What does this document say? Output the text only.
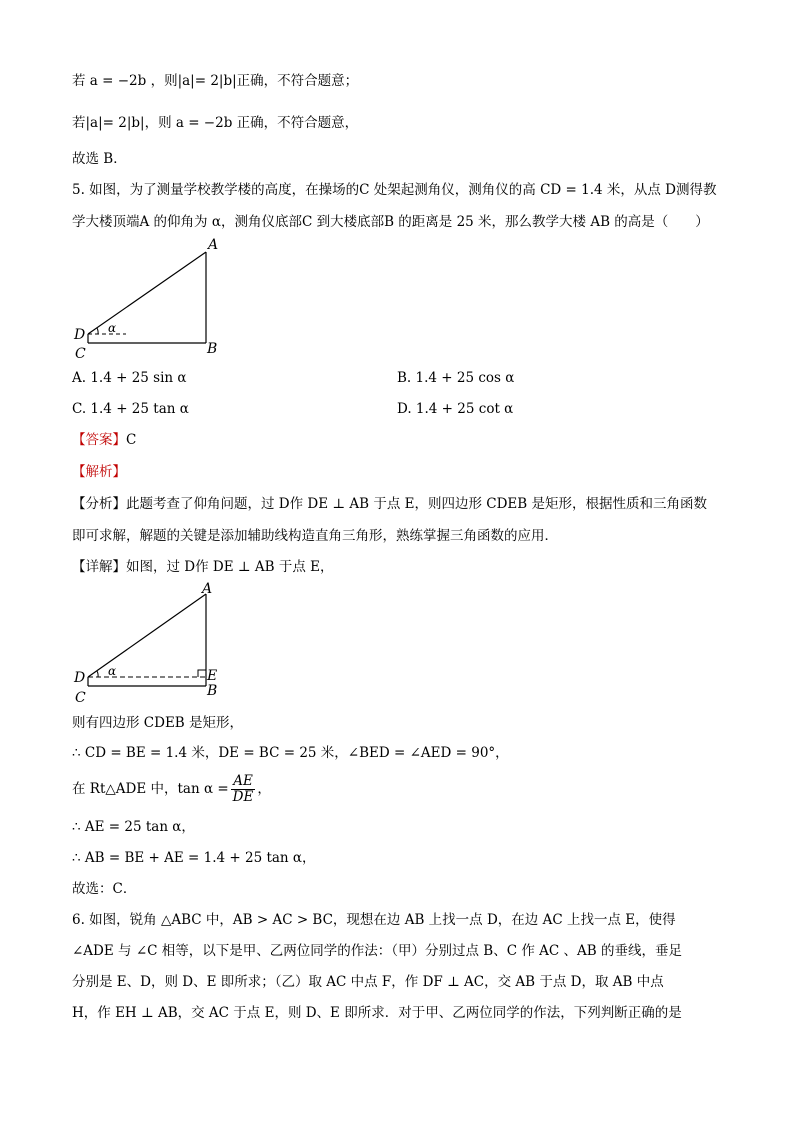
若 a = −2b ，则|a|= 2|b|正确，不符合题意；
若|a|= 2|b|，则 a = −2b 正确，不符合题意，
故选 B．
5. 如图，为了测量学校教学楼的高度，在操场的C 处架起测角仪，测角仪的高 CD = 1.4 米，从点 D测得教
学大楼顶端A 的仰角为 α，测角仪底部C 到大楼底部B 的距离是 25 米，那么教学大楼 AB 的高是（　　）
A
B
D
C
α
A. 1.4 + 25 sin α	B. 1.4 + 25 cos α
C. 1.4 + 25 tan α	D. 1.4 + 25 cot α
【答案】C
【解析】
【分析】此题考查了仰角问题，过 D作 DE ⊥ AB 于点 E，则四边形 CDEB 是矩形，根据性质和三角函数
即可求解，解题的关键是添加辅助线构造直角三角形，熟练掌握三角函数的应用．
【详解】如图，过 D作 DE ⊥ AB 于点 E，
A
E
B
D
C
α
则有四边形 CDEB 是矩形，
∴ CD = BE = 1.4 米，DE = BC = 25 米，∠BED = ∠AED = 90°，
在 Rt△ADE 中，$\tan \alpha = \frac{AE}{DE}$ ，
∴ AE = 25 tan α，
∴ AB = BE + AE = 1.4 + 25 tan α，
故选：C．
6. 如图，锐角 △ABC 中，AB > AC > BC，现想在边 AB 上找一点 D，在边 AC 上找一点 E，使得
∠ADE 与 ∠C 相等，以下是甲、乙两位同学的作法：（甲）分别过点 B、C 作 AC 、AB 的垂线，垂足
分别是 E、D，则 D、E 即所求；（乙）取 AC 中点 F，作 DF ⊥ AC，交 AB 于点 D，取 AB 中点
H，作 EH ⊥ AB，交 AC 于点 E，则 D、E 即所求．对于甲、乙两位同学的作法，下列判断正确的是
